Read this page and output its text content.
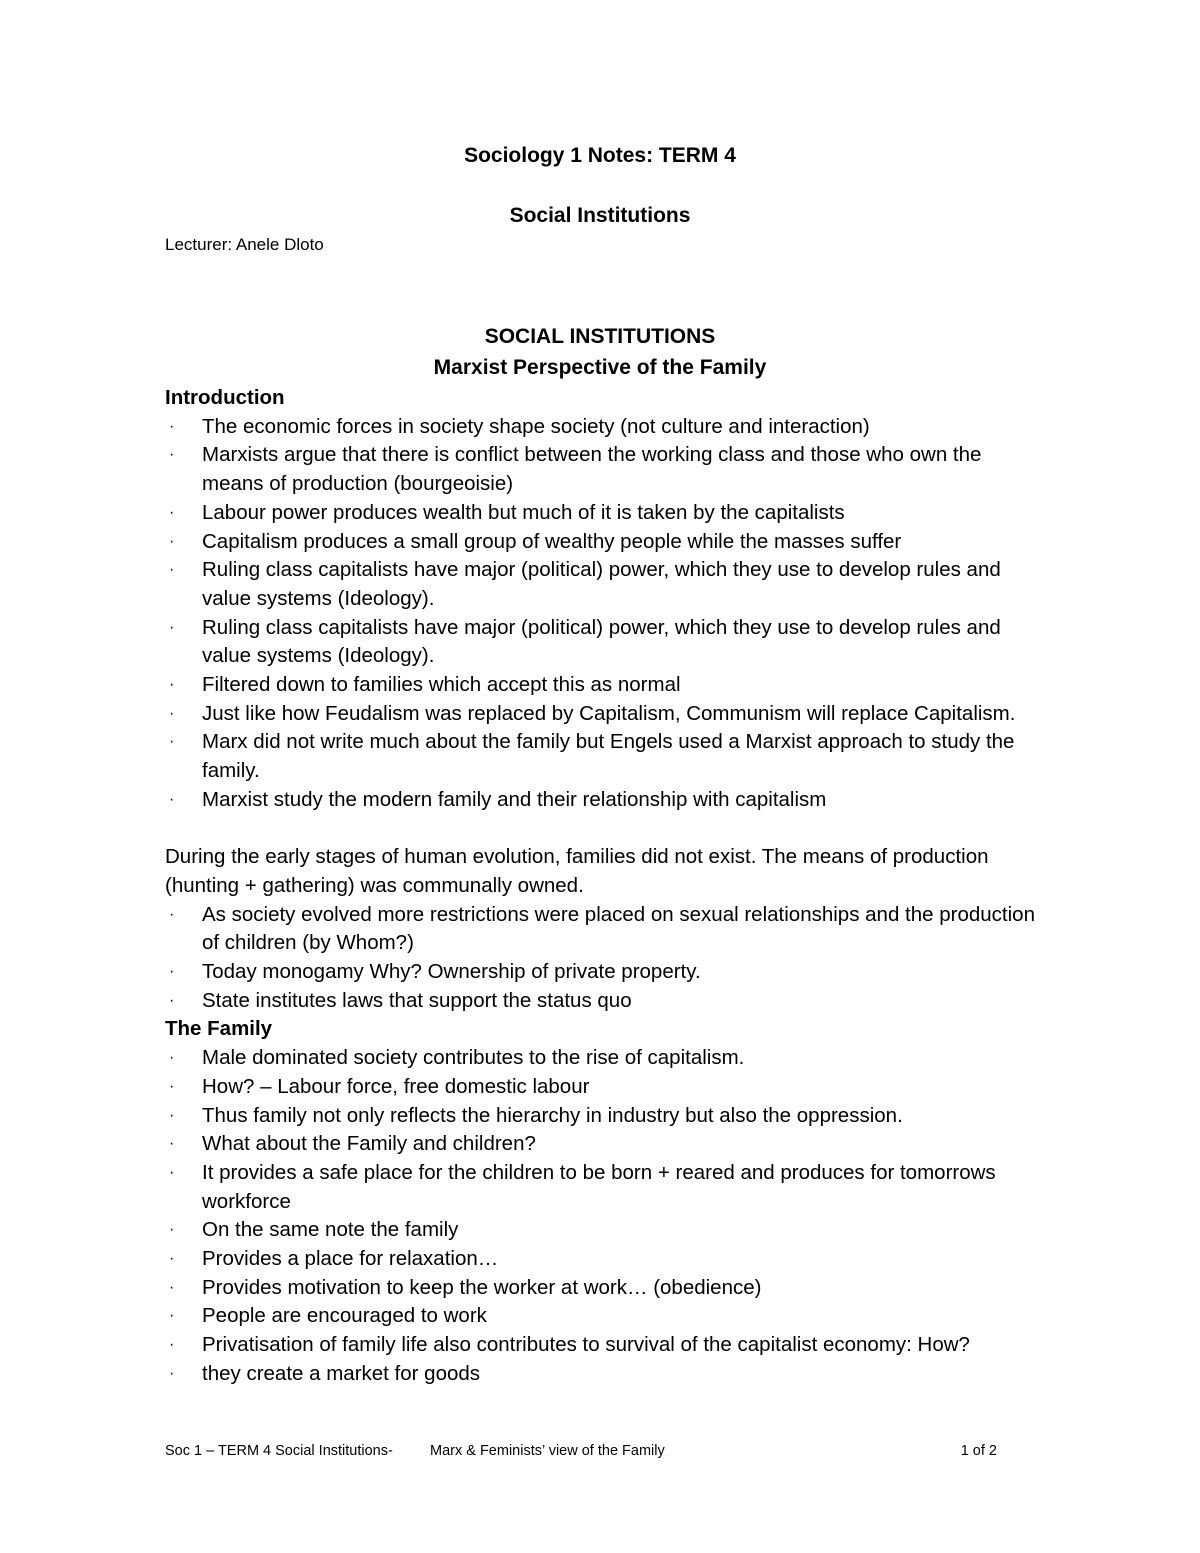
Sociology 1 Notes: TERM 4
Social Institutions
Lecturer: Anele Dloto
SOCIAL INSTITUTIONS
Marxist Perspective of the Family
Introduction
· The economic forces in society shape society (not culture and interaction)
· Marxists argue that there is conflict between the working class and those who own the means of production (bourgeoisie)
· Labour power produces wealth but much of it is taken by the capitalists
· Capitalism produces a small group of wealthy people while the masses suffer
· Ruling class capitalists have major (political) power, which they use to develop rules and value systems (Ideology).
· Ruling class capitalists have major (political) power, which they use to develop rules and value systems (Ideology).
· Filtered down to families which accept this as normal
· Just like how Feudalism was replaced by Capitalism, Communism will replace Capitalism.
· Marx did not write much about the family but Engels used a Marxist approach to study the family.
· Marxist study the modern family and their relationship with capitalism
During the early stages of human evolution, families did not exist. The means of production (hunting + gathering) was communally owned.
· As society evolved more restrictions were placed on sexual relationships and the production of children (by Whom?)
· Today monogamy Why? Ownership of private property.
· State institutes laws that support the status quo
The Family
· Male dominated society contributes to the rise of capitalism.
· How? – Labour force, free domestic labour
· Thus family not only reflects the hierarchy in industry but also the oppression.
· What about the Family and children?
· It provides a safe place for the children to be born + reared and produces for tomorrows workforce
· On the same note the family
· Provides a place for relaxation…
· Provides motivation to keep the worker at work… (obedience)
· People are encouraged to work
· Privatisation of family life also contributes to survival of the capitalist economy: How?
· they create a market for goods
Soc 1 – TERM 4 Social Institutions-	Marx & Feminists’ view of the Family	1 of 2
